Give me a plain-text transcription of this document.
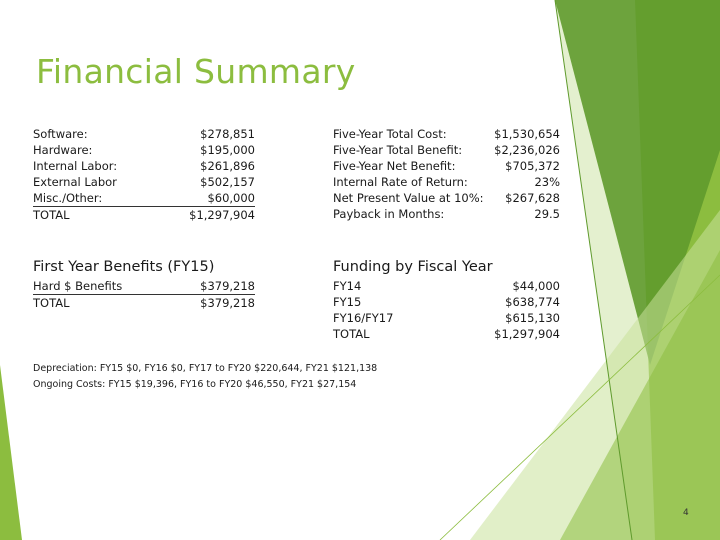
Financial Summary
Software:	$278,851
Hardware:	$195,000
Internal Labor:	$261,896
External Labor	$502,157
Misc./Other:	$60,000
TOTAL	$1,297,904
Five-Year Total Cost:	$1,530,654
Five-Year Total Benefit:	$2,236,026
Five-Year Net Benefit:	$705,372
Internal Rate of Return:	23%
Net Present Value at 10%: $267,628
Payback in Months:	29.5
First Year Benefits (FY15)
Hard $ Benefits	$379,218
TOTAL	$379,218
Funding by Fiscal Year
FY14	$44,000
FY15	$638,774
FY16/FY17	$615,130
TOTAL	$1,297,904
Depreciation: FY15 $0, FY16 $0, FY17 to FY20 $220,644, FY21 $121,138
Ongoing Costs: FY15 $19,396, FY16 to FY20 $46,550, FY21 $27,154
4
